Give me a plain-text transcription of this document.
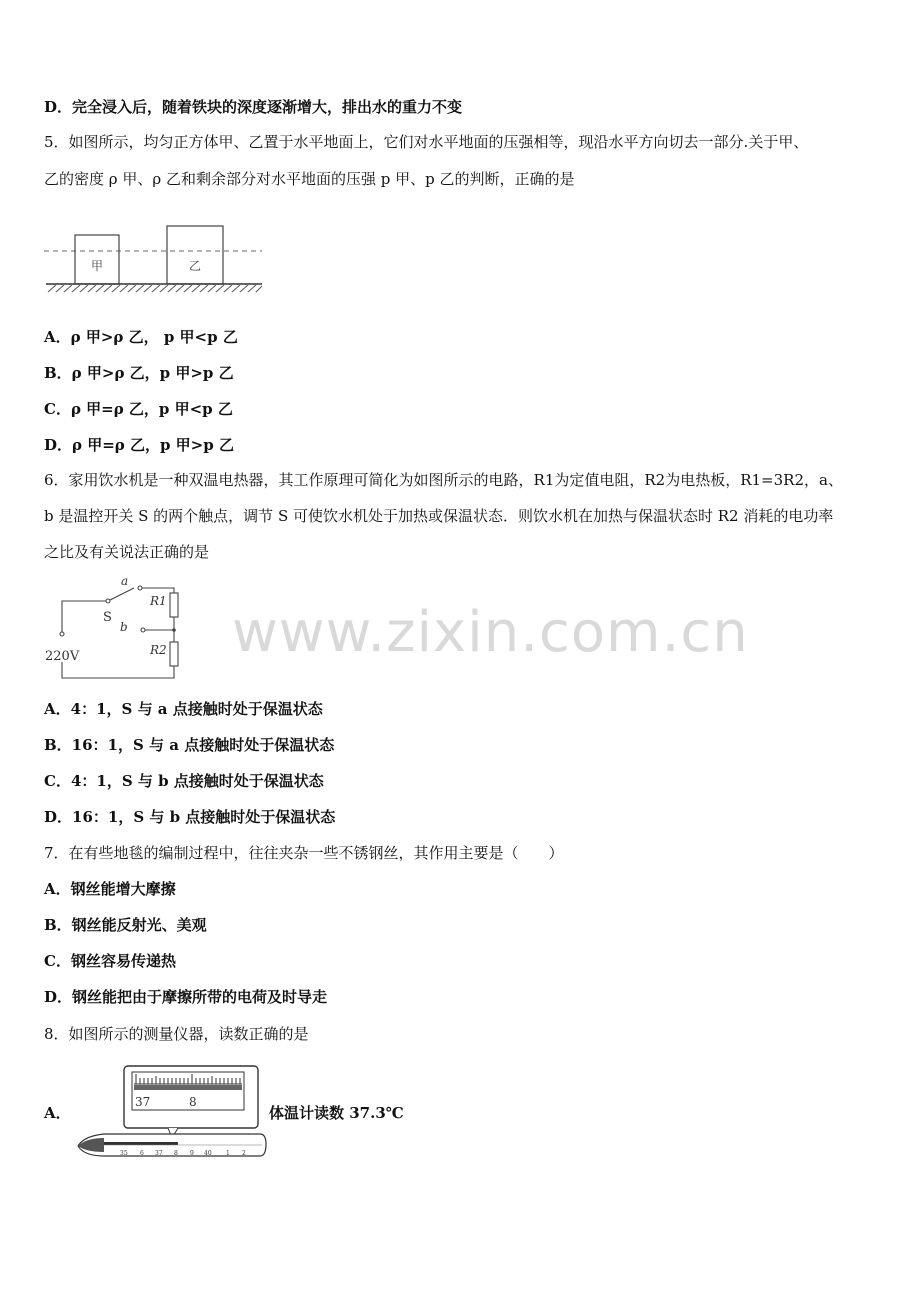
www.zixin.com.cn
D．完全浸入后，随着铁块的深度逐渐增大，排出水的重力不变
5．如图所示，均匀正方体甲、乙置于水平地面上，它们对水平地面的压强相等，现沿水平方向切去一部分.关于甲、
乙的密度 ρ 甲、ρ 乙和剩余部分对水平地面的压强 p 甲、p 乙的判断，正确的是
甲	乙
A．ρ 甲>ρ 乙， p 甲<p 乙
B．ρ 甲>ρ 乙，p 甲>p 乙
C．ρ 甲=ρ 乙，p 甲<p 乙
D．ρ 甲=ρ 乙，p 甲>p 乙
6．家用饮水机是一种双温电热器，其工作原理可简化为如图所示的电路，R1为定值电阻，R2为电热板，R1=3R2，a、
b 是温控开关 S 的两个触点，调节 S 可使饮水机处于加热或保温状态．则饮水机在加热与保温状态时 R2 消耗的电功率
之比及有关说法正确的是
a
S
b
R1
R2
220V
A．4：1，S 与 a 点接触时处于保温状态
B．16：1，S 与 a 点接触时处于保温状态
C．4：1，S 与 b 点接触时处于保温状态
D．16：1，S 与 b 点接触时处于保温状态
7．在有些地毯的编制过程中，往往夹杂一些不锈钢丝，其作用主要是（　　）
A．钢丝能增大摩擦
B．钢丝能反射光、美观
C．钢丝容易传递热
D．钢丝能把由于摩擦所带的电荷及时导走
8．如图所示的测量仪器，读数正确的是
A．
37	8
35 6 37 8 9 40 1 2
体温计读数 37.3℃
